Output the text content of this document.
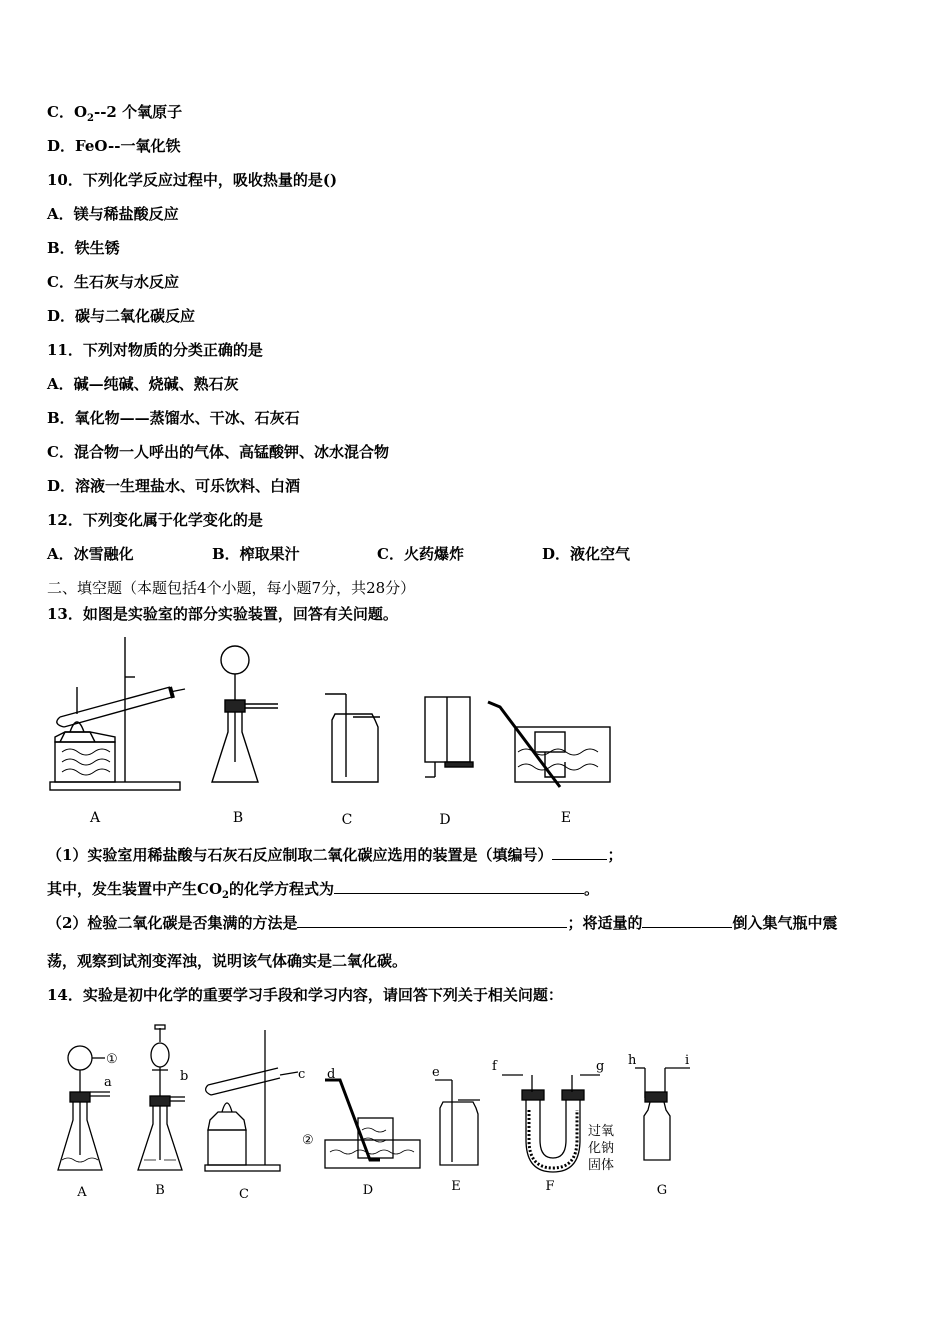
C．$O_2--2$ 个氧原子
D．FeO--一氧化铁
10．下列化学反应过程中，吸收热量的是()
A．镁与稀盐酸反应
B．铁生锈
C．生石灰与水反应
D．碳与二氧化碳反应
11．下列对物质的分类正确的是
A．碱—纯碱、烧碱、熟石灰
B．氧化物——蒸馏水、干冰、石灰石
C．混合物一人呼出的气体、高锰酸钾、冰水混合物
D．溶液一生理盐水、可乐饮料、白酒
12．下列变化属于化学变化的是
A．冰雪融化	B．榨取果汁	C．火药爆炸	D．液化空气
二、填空题（本题包括4个小题，每小题7分，共28分）
13．如图是实验室的部分实验装置，回答有关问题。
A	B	C	D	E
（1）实验室用稀盐酸与石灰石反应制取二氧化碳应选用的装置是（填编号）	；
其中，发生装置中产生$CO_2$的化学方程式为	。
（2）检验二氧化碳是否集满的方法是	；将适量的	倒入集气瓶中震
荡，观察到试剂变浑浊，说明该气体确实是二氧化碳。
14．实验是初中化学的重要学习手段和学习内容，请回答下列关于相关问题：
①
a	b	c d
②
e	f	g h	i
过氧
化钠
固体
A	B	C	D	E	F	G
